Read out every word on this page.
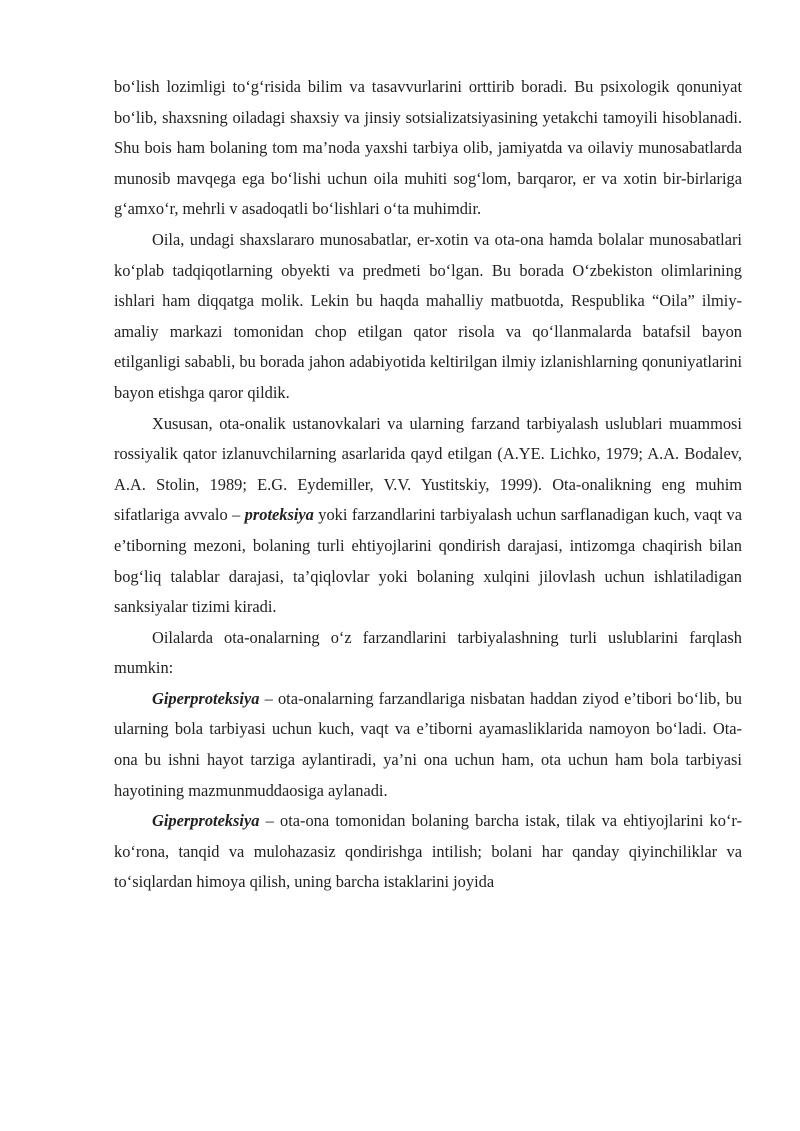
bo‘lish lozimligi to‘g‘risida bilim va tasavvurlarini orttirib boradi. Bu psixologik qonuniyat bo‘lib, shaxsning oiladagi shaxsiy va jinsiy sotsializatsiyasining yetakchi tamoyili hisoblanadi. Shu bois ham bolaning tom ma’noda yaxshi tarbiya olib, jamiyatda va oilaviy munosabatlarda munosib mavqega ega bo‘lishi uchun oila muhiti sog‘lom, barqaror, er va xotin bir-birlariga g‘amxo‘r, mehrli v asadoqatli bo‘lishlari o‘ta muhimdir.

Oila, undagi shaxslararo munosabatlar, er-xotin va ota-ona hamda bolalar munosabatlari ko‘plab tadqiqotlarning obyekti va predmeti bo‘lgan. Bu borada O‘zbekiston olimlarining ishlari ham diqqatga molik. Lekin bu haqda mahalliy matbuotda, Respublika “Oila” ilmiy-amaliy markazi tomonidan chop etilgan qator risola va qo‘llanmalarda batafsil bayon etilganligi sababli, bu borada jahon adabiyotida keltirilgan ilmiy izlanishlarning qonuniyatlarini bayon etishga qaror qildik.

Xususan, ota-onalik ustanovkalari va ularning farzand tarbiyalash uslublari muammosi rossiyalik qator izlanuvchilarning asarlarida qayd etilgan (A.YE. Lichko, 1979; A.A. Bodalev, A.A. Stolin, 1989; E.G. Eydemiller, V.V. Yustitskiy, 1999). Ota-onalikning eng muhim sifatlariga avvalo – proteksiya yoki farzandlarini tarbiyalash uchun sarflanadigan kuch, vaqt va e’tiborning mezoni, bolaning turli ehtiyojlarini qondirish darajasi, intizomga chaqirish bilan bog‘liq talablar darajasi, ta’qiqlovlar yoki bolaning xulqini jilovlash uchun ishlatiladigan sanksiyalar tizimi kiradi.

Oilalarda ota-onalarning o‘z farzandlarini tarbiyalashning turli uslublarini farqlash mumkin:

Giperproteksiya – ota-onalarning farzandlariga nisbatan haddan ziyod e’tibori bo‘lib, bu ularning bola tarbiyasi uchun kuch, vaqt va e’tiborni ayamasliklarida namoyon bo‘ladi. Ota-ona bu ishni hayot tarziga aylantiradi, ya’ni ona uchun ham, ota uchun ham bola tarbiyasi hayotining mazmunmuddaosiga aylanadi.

Giperproteksiya – ota-ona tomonidan bolaning barcha istak, tilak va ehtiyojlarini ko‘r-ko‘rona, tanqid va mulohazasiz qondirishga intilish; bolani har qanday qiyinchiliklar va to‘siqlardan himoya qilish, uning barcha istaklarini joyida
